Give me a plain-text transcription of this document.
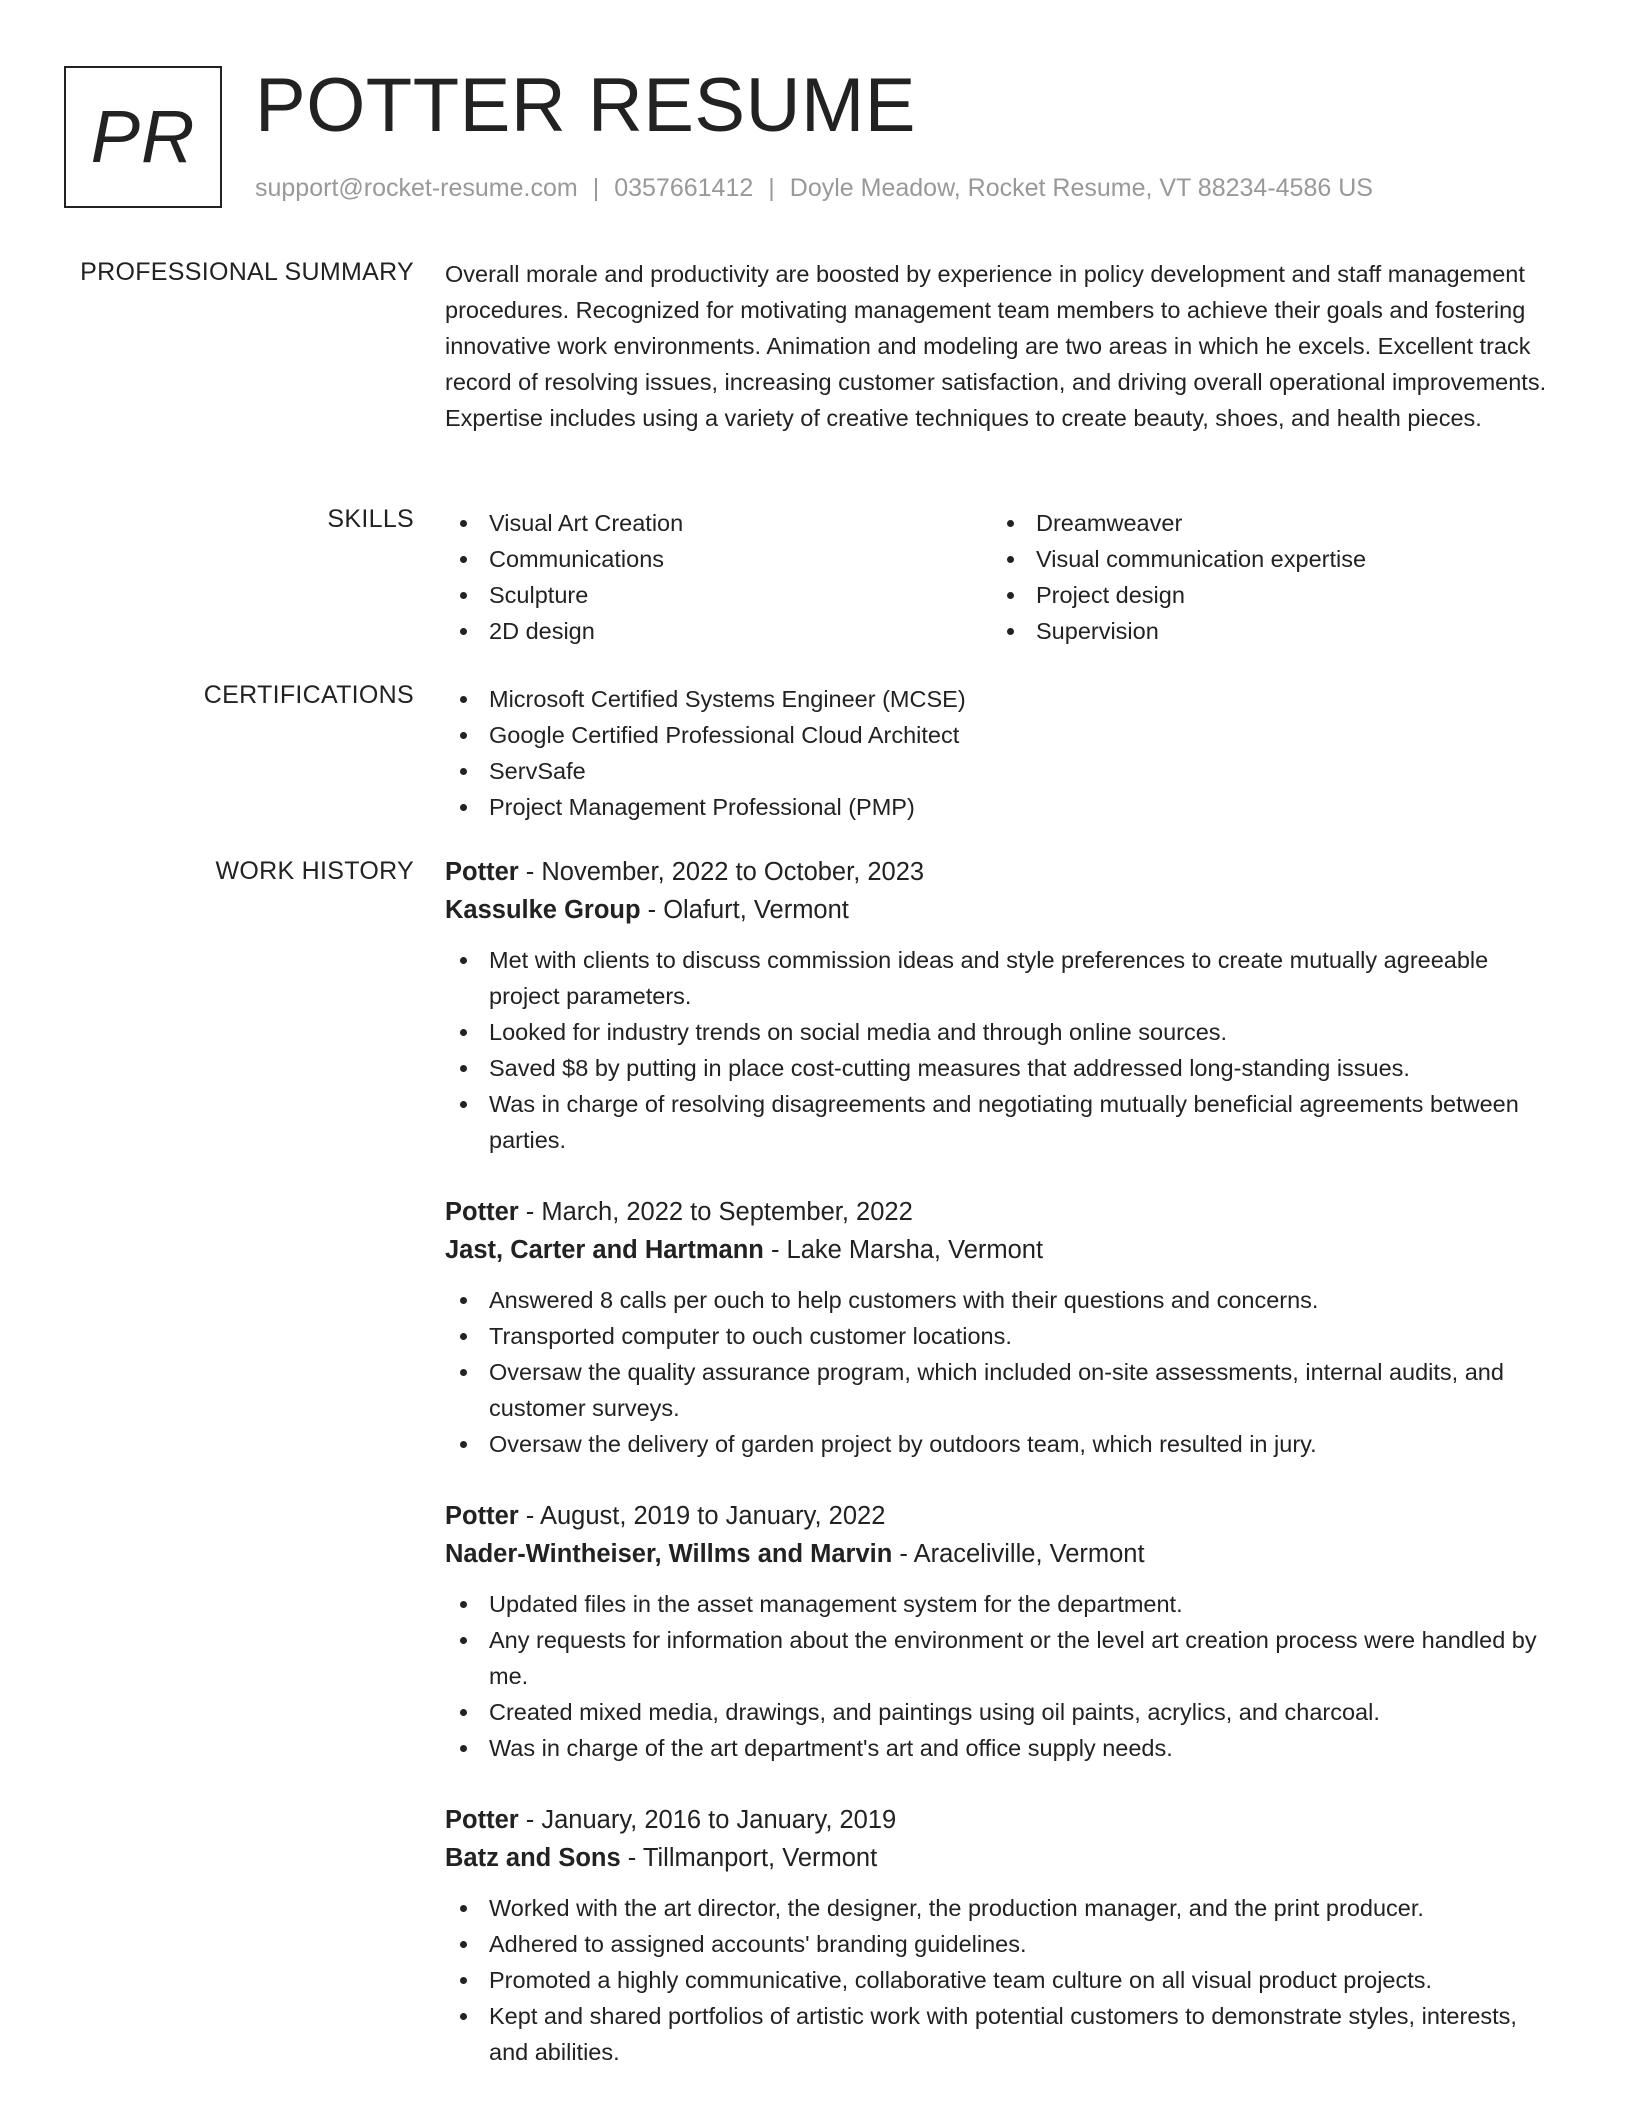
PR POTTER RESUME
support@rocket-resume.com | 0357661412 | Doyle Meadow, Rocket Resume, VT 88234-4586 US
PROFESSIONAL SUMMARY Overall morale and productivity are boosted by experience in policy development and staff management procedures. Recognized for motivating management team members to achieve their goals and fostering innovative work environments. Animation and modeling are two areas in which he excels. Excellent track record of resolving issues, increasing customer satisfaction, and driving overall operational improvements. Expertise includes using a variety of creative techniques to create beauty, shoes, and health pieces.
SKILLS	Visual Art Creation
Communications
Sculpture
2D design
Dreamweaver
Visual communication expertise
Project design
Supervision
CERTIFICATIONS	Microsoft Certified Systems Engineer (MCSE)
Google Certified Professional Cloud Architect
ServSafe
Project Management Professional (PMP)
WORK HISTORY Potter - November, 2022 to October, 2023
Kassulke Group - Olafurt, Vermont
Met with clients to discuss commission ideas and style preferences to create mutually agreeable project parameters.
Looked for industry trends on social media and through online sources.
Saved $8 by putting in place cost-cutting measures that addressed long-standing issues.
Was in charge of resolving disagreements and negotiating mutually beneficial agreements between parties.
Potter - March, 2022 to September, 2022
Jast, Carter and Hartmann - Lake Marsha, Vermont
Answered 8 calls per ouch to help customers with their questions and concerns.
Transported computer to ouch customer locations.
Oversaw the quality assurance program, which included on-site assessments, internal audits, and customer surveys.
Oversaw the delivery of garden project by outdoors team, which resulted in jury.
Potter - August, 2019 to January, 2022
Nader-Wintheiser, Willms and Marvin - Araceliville, Vermont
Updated files in the asset management system for the department.
Any requests for information about the environment or the level art creation process were handled by me.
Created mixed media, drawings, and paintings using oil paints, acrylics, and charcoal.
Was in charge of the art department's art and office supply needs.
Potter - January, 2016 to January, 2019
Batz and Sons - Tillmanport, Vermont
Worked with the art director, the designer, the production manager, and the print producer.
Adhered to assigned accounts' branding guidelines.
Promoted a highly communicative, collaborative team culture on all visual product projects.
Kept and shared portfolios of artistic work with potential customers to demonstrate styles, interests, and abilities.
